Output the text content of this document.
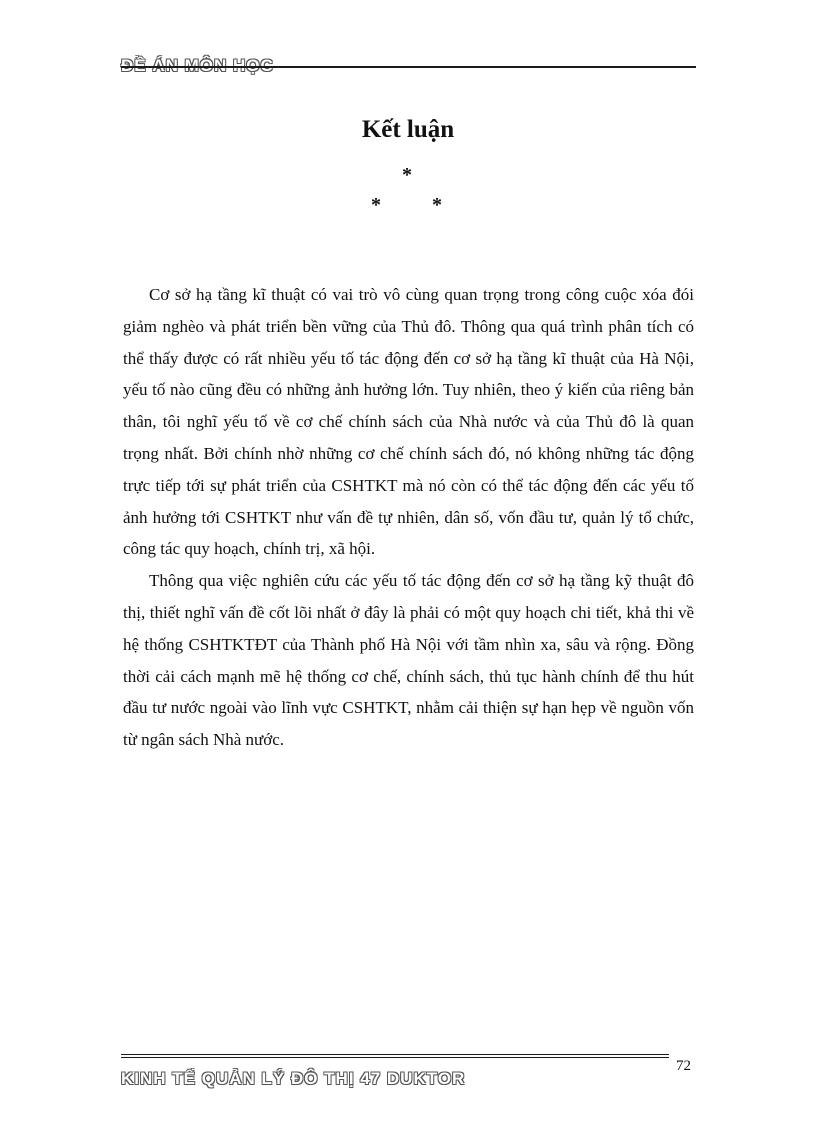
Kết luận
*
*	*

Cơ sở hạ tầng kĩ thuật có vai trò vô cùng quan trọng trong công cuộc xóa đói giảm nghèo và phát triển bền vững của Thủ đô. Thông qua quá trình phân tích có thể thấy được có rất nhiều yếu tố tác động đến cơ sở hạ tầng kĩ thuật của Hà Nội, yếu tố nào cũng đều có những ảnh hưởng lớn. Tuy nhiên, theo ý kiến của riêng bản thân, tôi nghĩ yếu tố về cơ chế chính sách của Nhà nước và của Thủ đô là quan trọng nhất. Bởi chính nhờ những cơ chế chính sách đó, nó không những tác động trực tiếp tới sự phát triển của CSHTKT mà nó còn có thể tác động đến các yếu tố ảnh hưởng tới CSHTKT như vấn đề tự nhiên, dân số, vốn đầu tư, quản lý tổ chức, công tác quy hoạch, chính trị, xã hội.

Thông qua việc nghiên cứu các yếu tố tác động đến cơ sở hạ tầng kỹ thuật đô thị, thiết nghĩ vấn đề cốt lõi nhất ở đây là phải có một quy hoạch chi tiết, khả thi về hệ thống CSHTKTĐT của Thành phố Hà Nội với tầm nhìn xa, sâu và rộng. Đồng thời cải cách mạnh mẽ hệ thống cơ chế, chính sách, thủ tục hành chính để thu hút đầu tư nước ngoài vào lĩnh vực CSHTKT, nhằm cải thiện sự hạn hẹp về nguồn vốn từ ngân sách Nhà nước.

72
KINH TẾ QUẢN LÝ ĐÔ THỊ 47 DUKTOR
